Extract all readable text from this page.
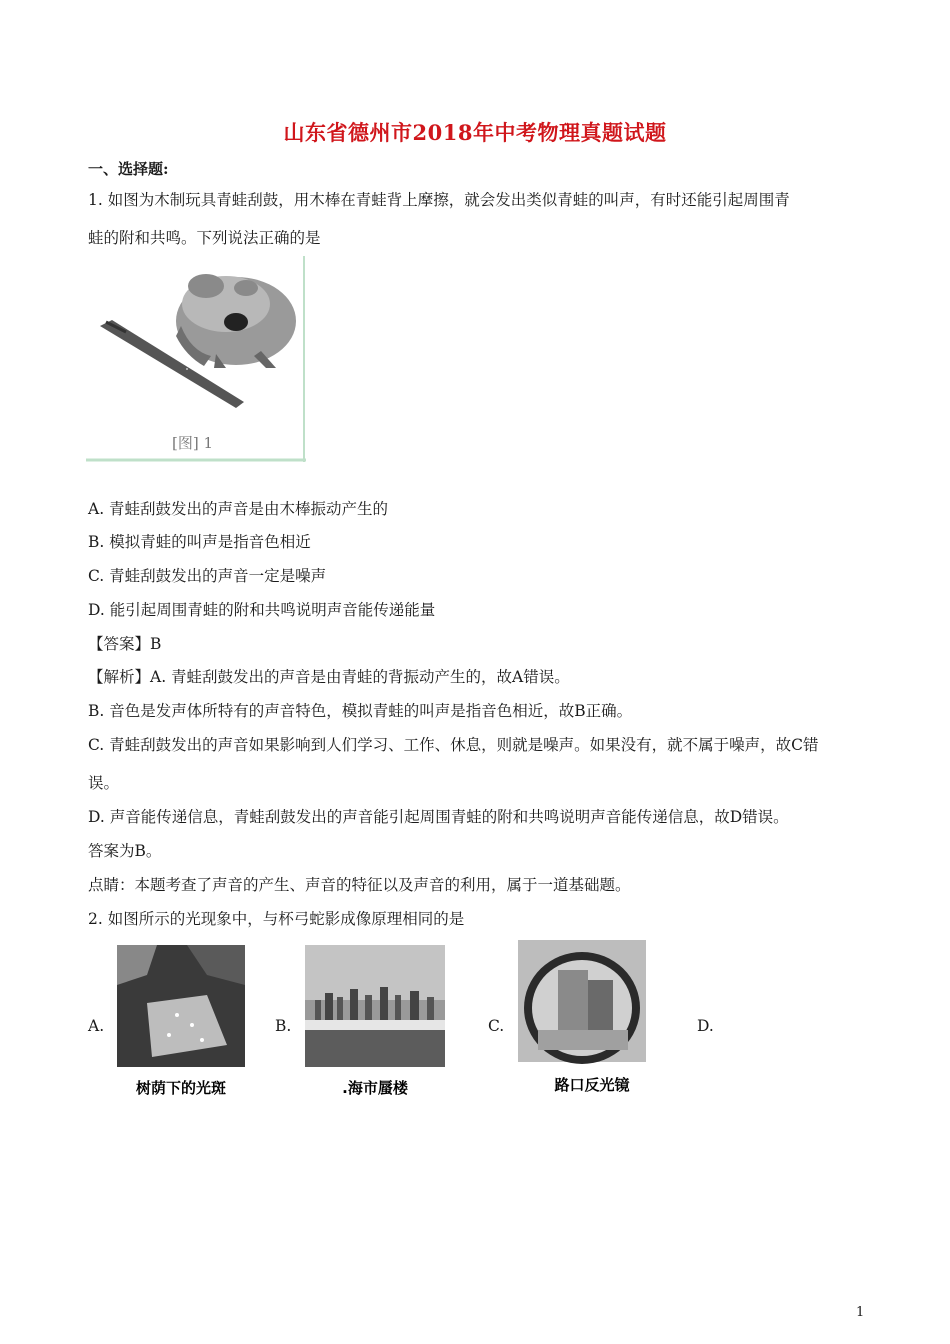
山东省德州市2018年中考物理真题试题
一、选择题:
1. 如图为木制玩具青蛙刮鼓，用木棒在青蛙背上摩擦，就会发出类似青蛙的叫声，有时还能引起周围青
蛙的附和共鸣。下列说法正确的是
[图] 1
A. 青蛙刮鼓发出的声音是由木棒振动产生的
B. 模拟青蛙的叫声是指音色相近
C. 青蛙刮鼓发出的声音一定是噪声
D. 能引起周围青蛙的附和共鸣说明声音能传递能量
【答案】B
【解析】A. 青蛙刮鼓发出的声音是由青蛙的背振动产生的，故A错误。
B. 音色是发声体所特有的声音特色，模拟青蛙的叫声是指音色相近，故B正确。
C. 青蛙刮鼓发出的声音如果影响到人们学习、工作、休息，则就是噪声。如果没有，就不属于噪声，故C错
误。
D. 声音能传递信息，青蛙刮鼓发出的声音能引起周围青蛙的附和共鸣说明声音能传递信息，故D错误。
答案为B。
点睛：本题考查了声音的产生、声音的特征以及声音的利用，属于一道基础题。
2. 如图所示的光现象中，与杯弓蛇影成像原理相同的是
A.
树荫下的光斑
B.
.海市蜃楼
C.
路口反光镜
D.
1
